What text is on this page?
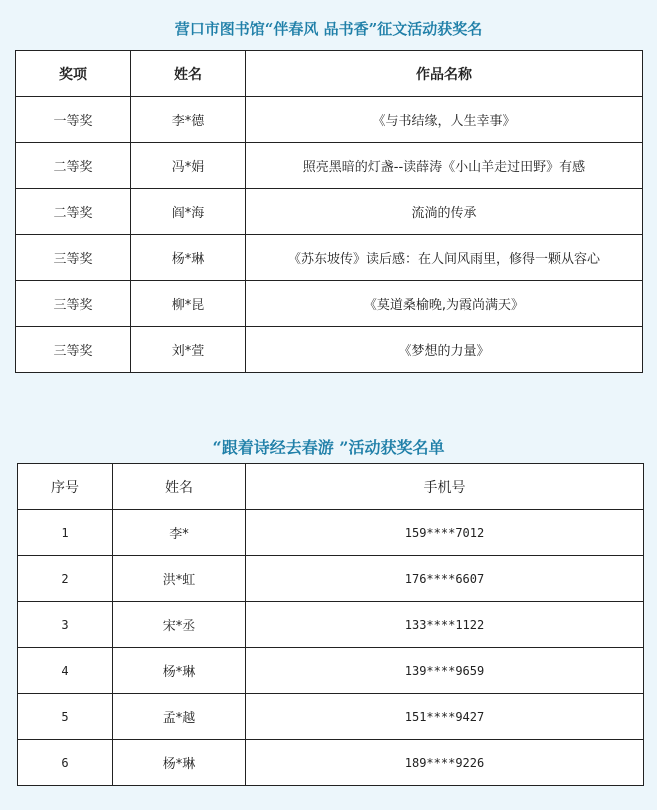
营口市图书馆“伴春风 品书香”征文活动获奖名
奖项	姓名	作品名称
一等奖	李*德	《与书结缘，人生幸事》
二等奖	冯*娟	照亮黑暗的灯盏--读薛涛《小山羊走过田野》有感
二等奖	阎*海	流淌的传承
三等奖	杨*琳	《苏东坡传》读后感：在人间风雨里，修得一颗从容心
三等奖	柳*昆	《莫道桑榆晚,为霞尚满天》
三等奖	刘*萱	《梦想的力量》
“跟着诗经去春游 ”活动获奖名单
序号	姓名	手机号
1	李*	159****7012
2	洪*虹	176****6607
3	宋*丞	133****1122
4	杨*琳	139****9659
5	孟*越	151****9427
6	杨*琳	189****9226
